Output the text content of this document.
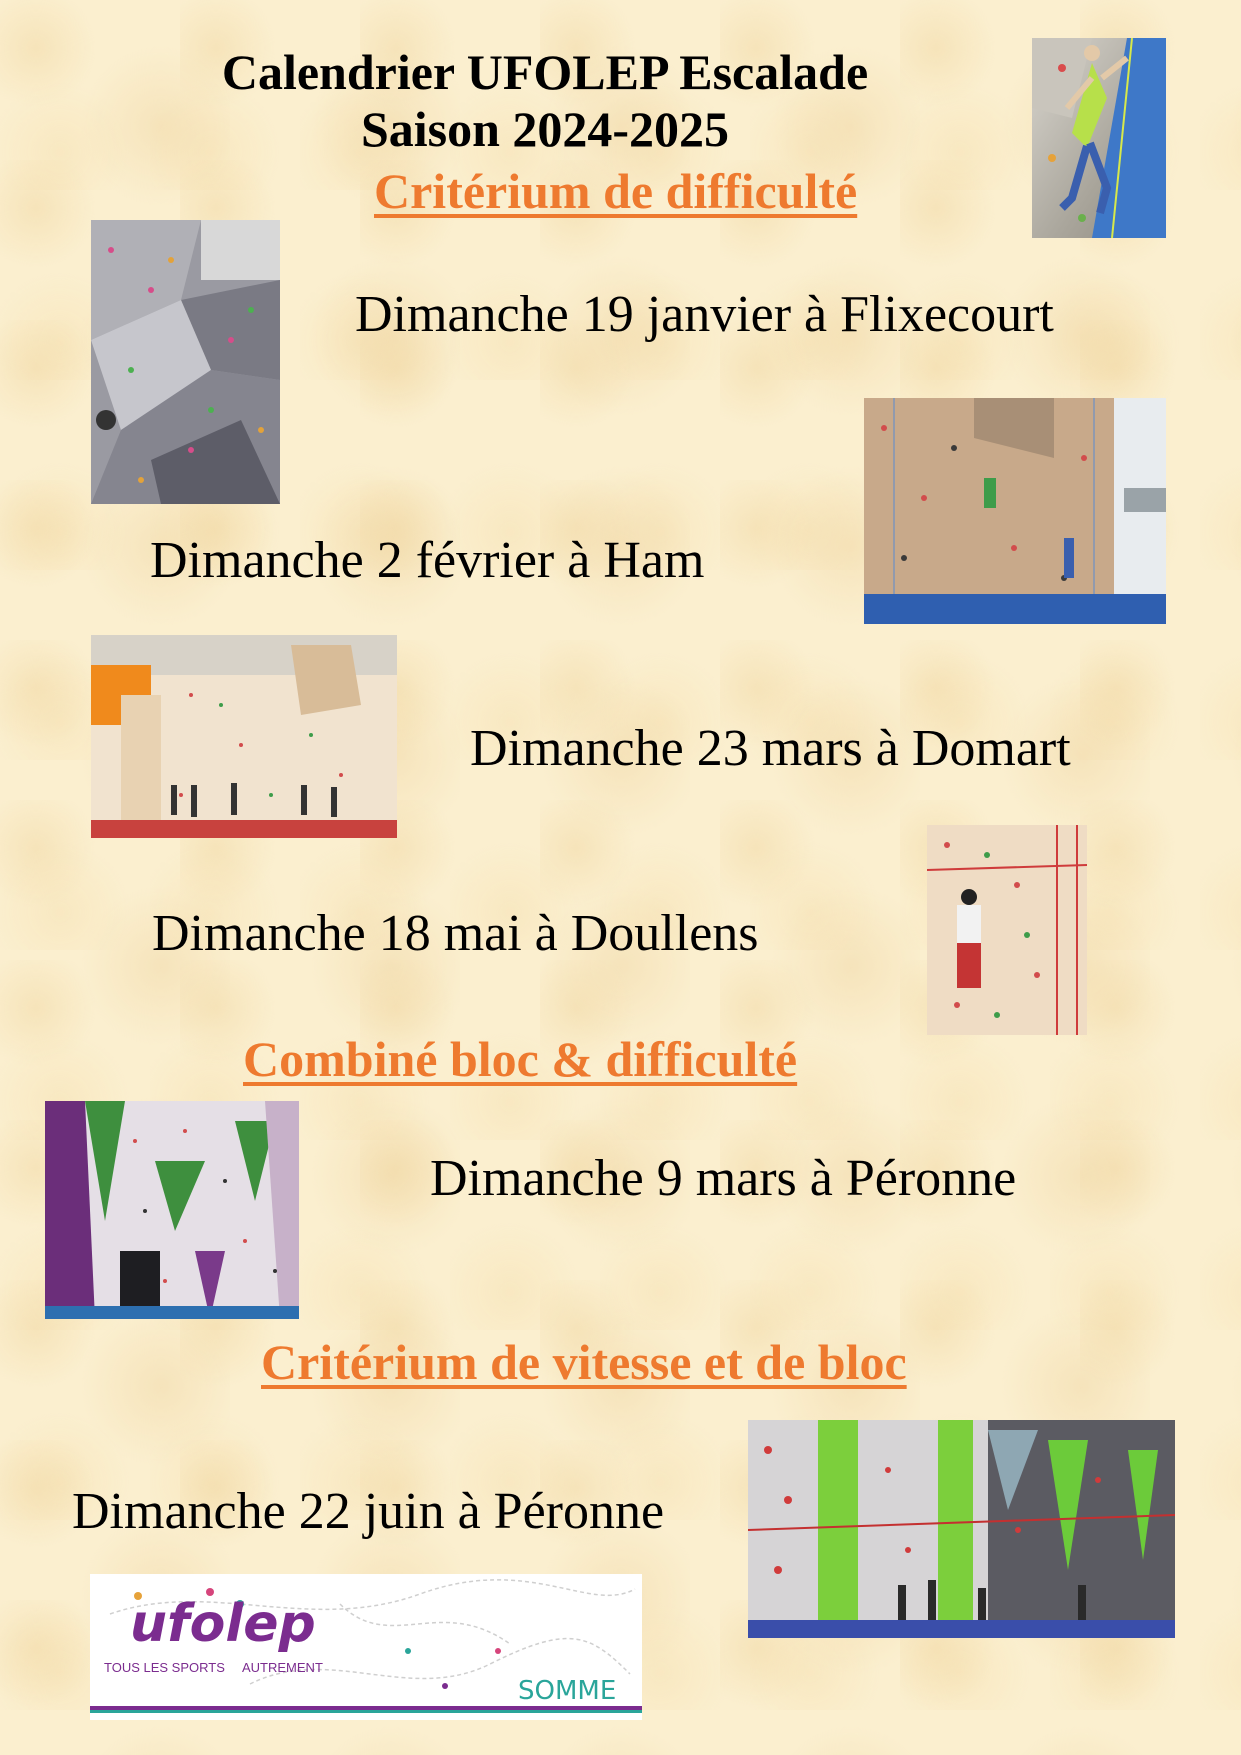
Calendrier UFOLEP Escalade
Saison 2024-2025
Critérium de difficulté
Dimanche 19 janvier à Flixecourt
Dimanche 2 février à Ham
Dimanche 23 mars à Domart
Dimanche 18 mai à Doullens
Combiné bloc & difficulté
Dimanche 9 mars à Péronne
Critérium de vitesse et de bloc
Dimanche 22 juin à Péronne
ufolep
TOUS LES SPORTS AUTREMENT
SOMME
